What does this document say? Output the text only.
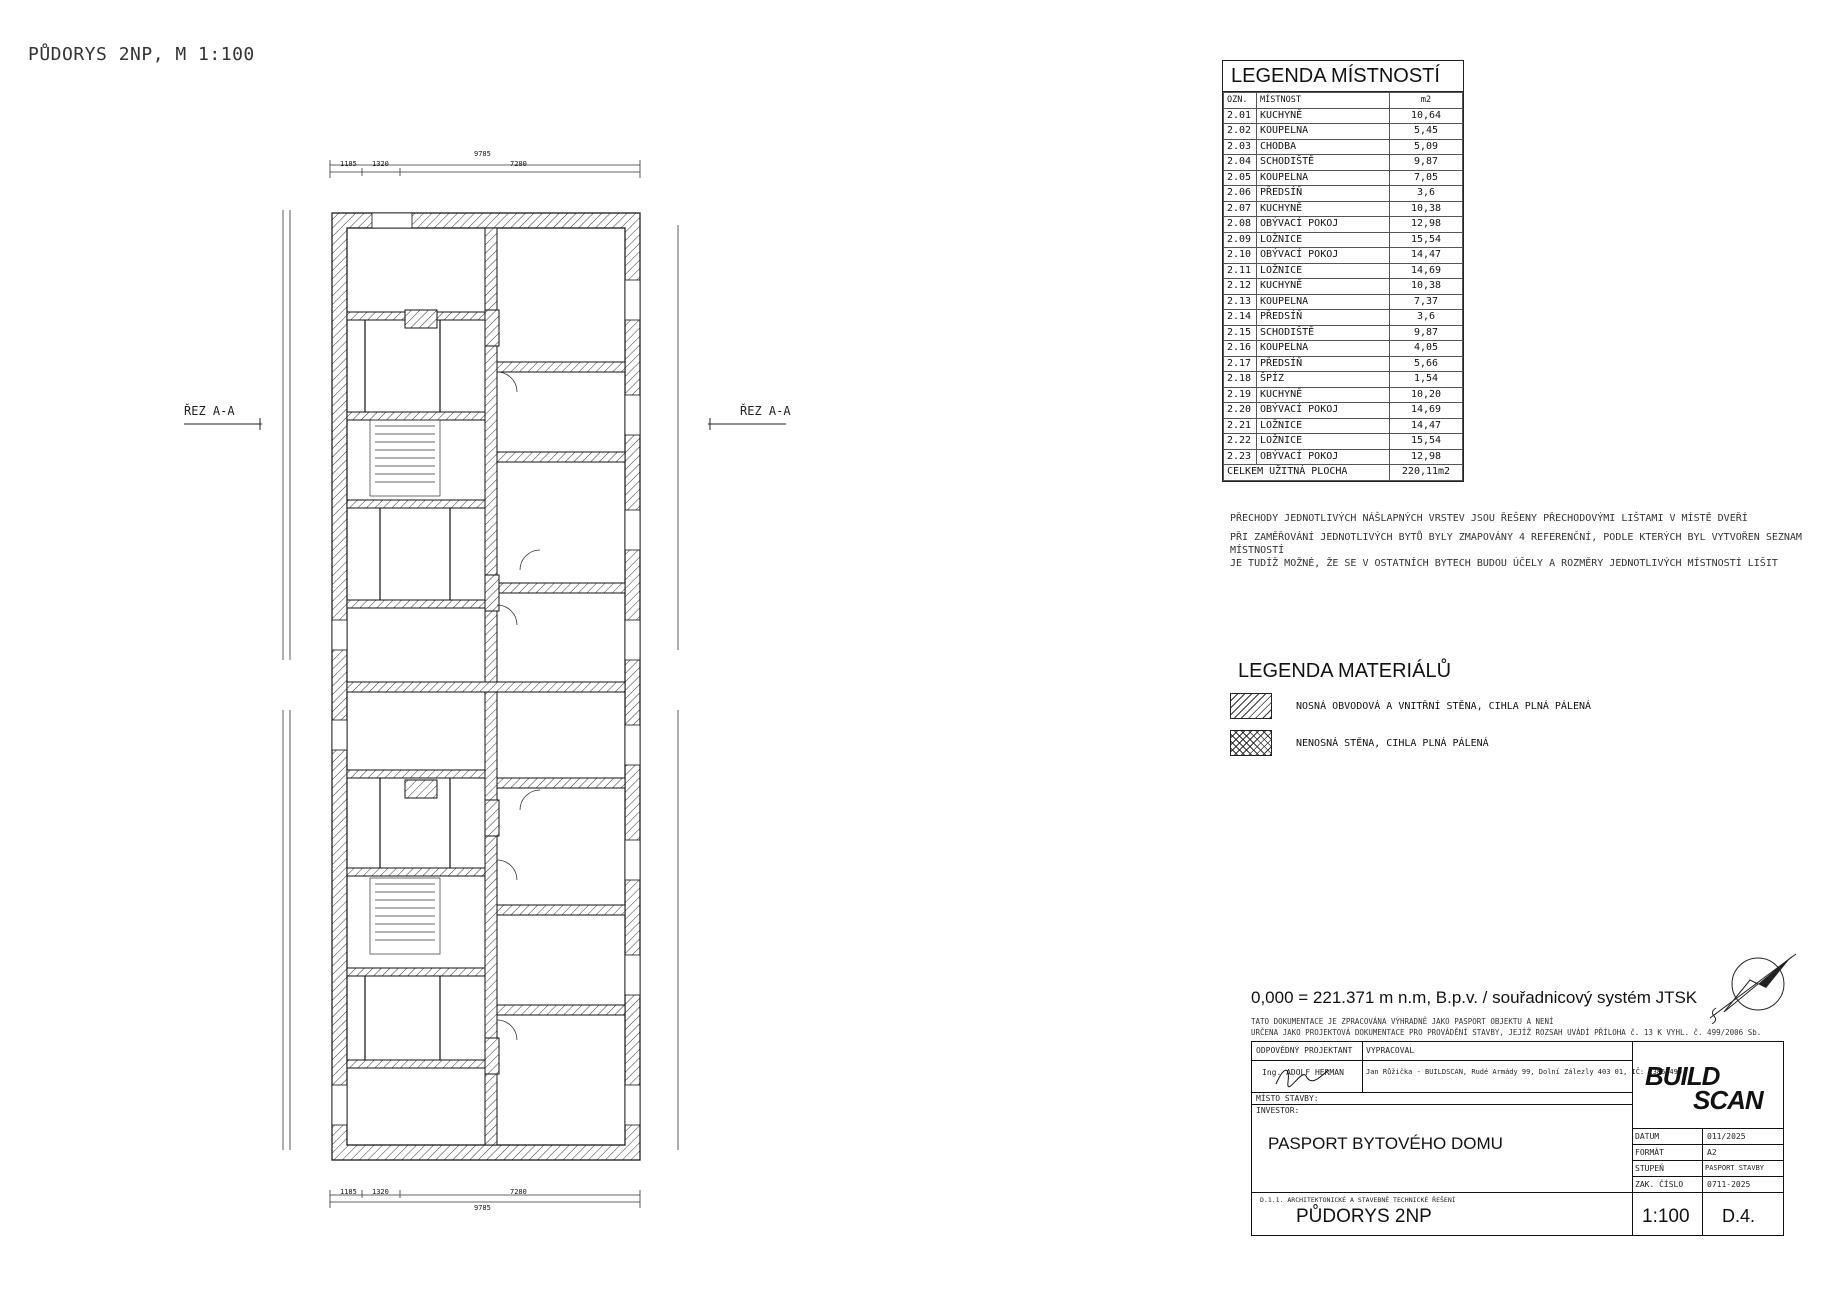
PŮDORYS 2NP, M 1:100
9785
1185 1320	7280
1185 1320	7280
9785
ŘEZ A-A	ŘEZ A-A
LEGENDA MÍSTNOSTÍ
OZN.	MÍSTNOST	m2
2.01	KUCHYNĚ	10,64
2.02	KOUPELNA	5,45
2.03	CHODBA	5,09
2.04	SCHODIŠTĚ	9,87
2.05	KOUPELNA	7,05
2.06	PŘEDSÍŇ	3,6
2.07	KUCHYNĚ	10,38
2.08	OBÝVACÍ POKOJ	12,98
2.09	LOŽNICE	15,54
2.10	OBÝVACÍ POKOJ	14,47
2.11	LOŽNICE	14,69
2.12	KUCHYNĚ	10,38
2.13	KOUPELNA	7,37
2.14	PŘEDSÍŇ	3,6
2.15	SCHODIŠTĚ	9,87
2.16	KOUPELNA	4,05
2.17	PŘEDSÍŇ	5,66
2.18	ŠPÍZ	1,54
2.19	KUCHYNĚ	10,20
2.20	OBÝVACÍ POKOJ	14,69
2.21	LOŽNICE	14,47
2.22	LOŽNICE	15,54
2.23	OBÝVACÍ POKOJ	12,98
CELKEM UŽITNÁ PLOCHA		220,11m2
PŘECHODY JEDNOTLIVÝCH NÁŠLAPNÝCH VRSTEV JSOU ŘEŠENY PŘECHODOVÝMI LIŠTAMI V MÍSTĚ DVEŘÍ
PŘI ZAMĚŘOVÁNÍ JEDNOTLIVÝCH BYTŮ BYLY ZMAPOVÁNY 4 REFERENČNÍ, PODLE KTERÝCH BYL VYTVOŘEN SEZNAM MÍSTNOSTÍ
JE TUDÍŽ MOŽNÉ, ŽE SE V OSTATNÍCH BYTECH BUDOU ÚČELY A ROZMĚRY JEDNOTLIVÝCH MÍSTNOSTÍ LIŠIT
LEGENDA MATERIÁLŮ
NOSNÁ OBVODOVÁ A VNITŘNÍ STĚNA, CIHLA PLNÁ PÁLENÁ
NENOSNÁ STĚNA, CIHLA PLNÁ PÁLENÁ
0,000 = 221.371 m n.m, B.p.v. / souřadnicový systém JTSK
TATO DOKUMENTACE JE ZPRACOVÁNA VÝHRADNĚ JAKO PASPORT OBJEKTU A NENÍ
URČENA JAKO PROJEKTOVÁ DOKUMENTACE PRO PROVÁDĚNÍ STAVBY, JEJÍŽ ROZSAH UVÁDÍ PŘÍLOHA č. 13 K VYHL. č. 499/2006 Sb.
ODPOVĚDNÝ PROJEKTANT
Ing. ADOLF HERMAN
VYPRACOVAL
Jan Růžička - BUILDSCAN, Rudé Armády 99, Dolní Zálezly 403 01, IČ: 23863499
MÍSTO STAVBY:
INVESTOR:
PASPORT BYTOVÉHO DOMU
BUILD
SCAN
DATUM	011/2025
FORMÁT	A2
STUPEŇ	PASPORT STAVBY
ZAK. ČÍSLO	0711-2025
D.1.1. ARCHITEKTONICKÉ A STAVEBNĚ TECHNICKÉ ŘEŠENÍ
PŮDORYS 2NP	1:100 D.4.
